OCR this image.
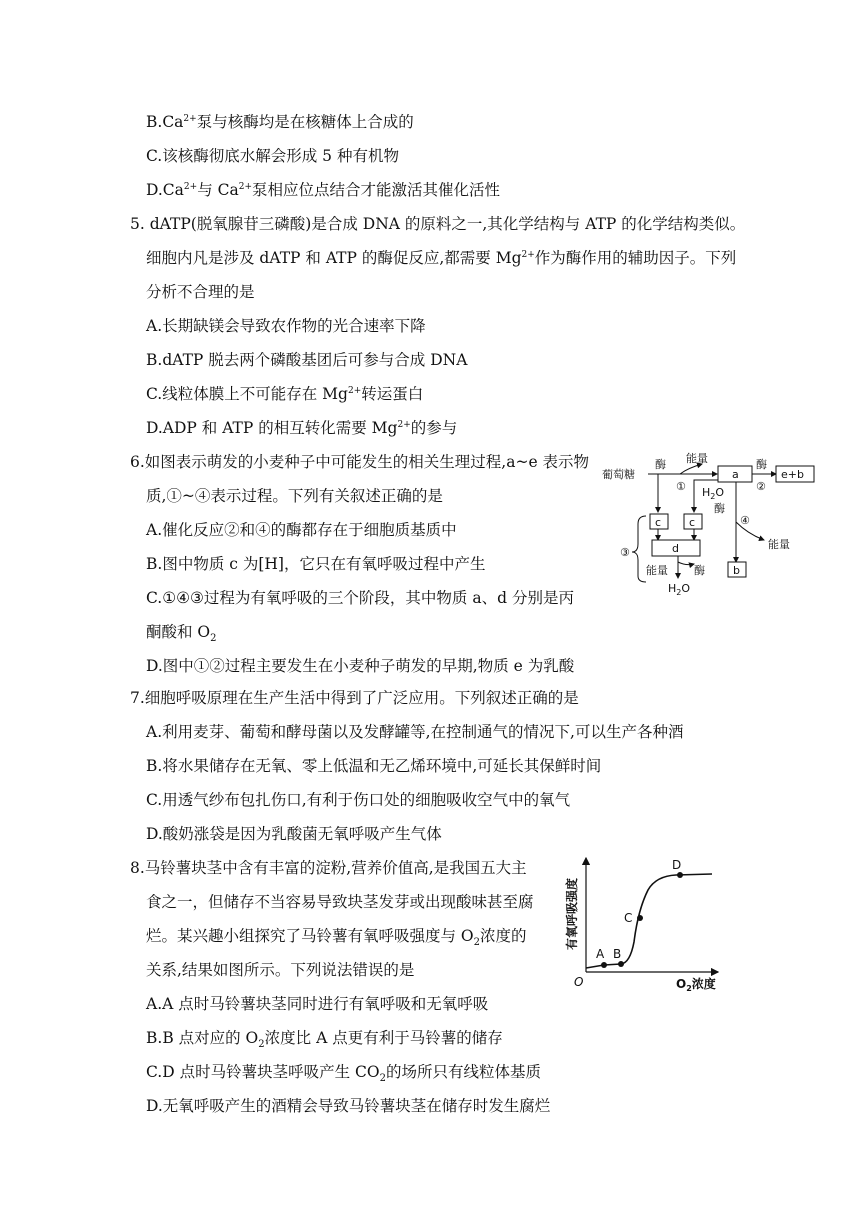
$B.Ca^{2+}$泵与核酶均是在核糖体上合成的
C.该核酶彻底水解会形成 5 种有机物
$D.Ca^{2+}$与 $Ca^{2+}$泵相应位点结合才能激活其催化活性
5. dATP(脱氧腺苷三磷酸)是合成 DNA 的原料之一,其化学结构与 ATP 的化学结构类似。
细胞内凡是涉及 dATP 和 ATP 的酶促反应,都需要 $Mg^{2+}$作为酶作用的辅助因子。下列
分析不合理的是
A.长期缺镁会导致农作物的光合速率下降
B.dATP 脱去两个磷酸基团后可参与合成 DNA
C.线粒体膜上不可能存在 $Mg^{2+}$转运蛋白
D.ADP 和 ATP 的相互转化需要 $Mg^{2+}$的参与
6.如图表示萌发的小麦种子中可能发生的相关生理过程,a~e 表示物
质,①~④表示过程。下列有关叙述正确的是
A.催化反应②和④的酶都存在于细胞质基质中
B.图中物质 c 为[H]，它只在有氧呼吸过程中产生
C.①④③过程为有氧呼吸的三个阶段，其中物质 a、d 分别是丙
酮酸和 $O_2$
D.图中①②过程主要发生在小麦种子萌发的早期,物质 e 为乳酸
葡萄糖
酶 能量
①
酶
②
a	e+b
$H_2O$
酶
④
能量
c	c
d
③
能量 酶	b
$H_2O$
7.细胞呼吸原理在生产生活中得到了广泛应用。下列叙述正确的是
A.利用麦芽、葡萄和酵母菌以及发酵罐等,在控制通气的情况下,可以生产各种酒
B.将水果储存在无氧、零上低温和无乙烯环境中,可延长其保鲜时间
C.用透气纱布包扎伤口,有利于伤口处的细胞吸收空气中的氧气
D.酸奶涨袋是因为乳酸菌无氧呼吸产生气体
8.马铃薯块茎中含有丰富的淀粉,营养价值高,是我国五大主
食之一，但储存不当容易导致块茎发芽或出现酸味甚至腐
烂。某兴趣小组探究了马铃薯有氧呼吸强度与 $O_2$浓度的
关系,结果如图所示。下列说法错误的是
A.A 点时马铃薯块茎同时进行有氧呼吸和无氧呼吸
B.B 点对应的 $O_2$浓度比 A 点更有利于马铃薯的储存
C.D 点时马铃薯块茎呼吸产生 $CO_2$的场所只有线粒体基质
D.无氧呼吸产生的酒精会导致马铃薯块茎在储存时发生腐烂
A B
C
D
O
有氧呼吸强度
$O_2$浓度
